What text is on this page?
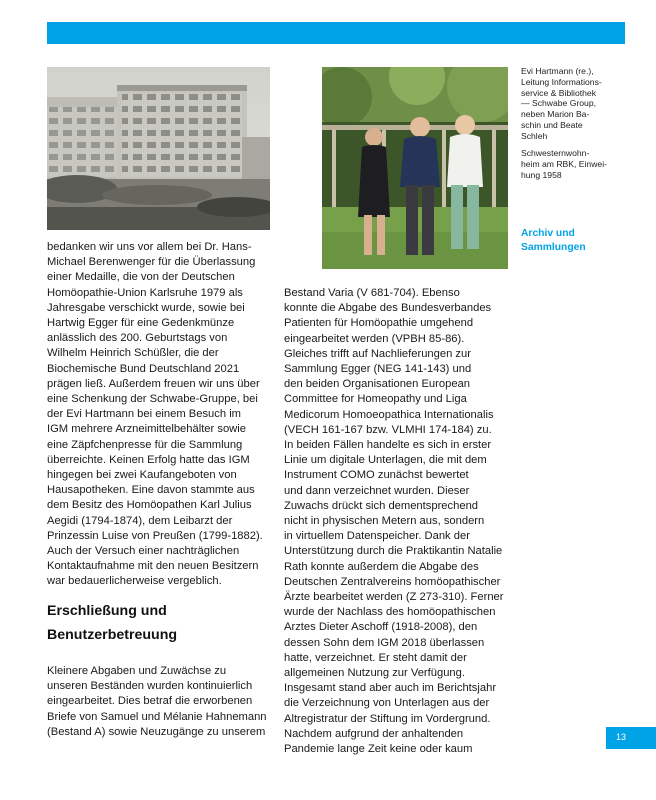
Evi Hartmann (re.),
Leitung Informations-
service & Bibliothek
— Schwabe Group,
neben Marion Ba-
schin und Beate
Schleh
Schwesternwohn-
heim am RBK, Einwei-
hung 1958
Archiv und
Sammlungen

bedanken wir uns vor allem bei Dr. Hans-

Michael Berenwenger für die Überlassung

einer Medaille, die von der Deutschen

Homöopathie-Union Karlsruhe 1979 als

Jahresgabe verschickt wurde, sowie bei

Hartwig Egger für eine Gedenkmünze

anlässlich des 200. Geburtstags von

Wilhelm Heinrich Schüßler, die der

Biochemische Bund Deutschland 2021

prägen ließ. Außerdem freuen wir uns über

eine Schenkung der Schwabe-Gruppe, bei

der Evi Hartmann bei einem Besuch im

IGM mehrere Arzneimittelbehälter sowie

eine Zäpfchenpresse für die Sammlung

überreichte. Keinen Erfolg hatte das IGM

hingegen bei zwei Kaufangeboten von

Hausapotheken. Eine davon stammte aus

dem Besitz des Homöopathen Karl Julius

Aegidi (1794-1874), dem Leibarzt der

Prinzessin Luise von Preußen (1799-1882).

Auch der Versuch einer nachträglichen

Kontaktaufnahme mit den neuen Besitzern

war bedauerlicherweise vergeblich.

Erschließung und
Benutzerbetreuung

Kleinere Abgaben und Zuwächse zu

unseren Beständen wurden kontinuierlich

eingearbeitet. Dies betraf die erworbenen

Briefe von Samuel und Mélanie Hahnemann

(Bestand A) sowie Neuzugänge zu unserem

Bestand Varia (V 681-704). Ebenso

konnte die Abgabe des Bundesverbandes

Patienten für Homöopathie umgehend

eingearbeitet werden (VPBH 85-86).

Gleiches trifft auf Nachlieferungen zur

Sammlung Egger (NEG 141-143) und

den beiden Organisationen European

Committee for Homeopathy und Liga

Medicorum Homoeopathica Internationalis

(VECH 161-167 bzw. VLMHI 174-184) zu.

In beiden Fällen handelte es sich in erster

Linie um digitale Unterlagen, die mit dem

Instrument COMO zunächst bewertet

und dann verzeichnet wurden. Dieser

Zuwachs drückt sich dementsprechend

nicht in physischen Metern aus, sondern

in virtuellem Datenspeicher. Dank der

Unterstützung durch die Praktikantin Natalie

Rath konnte außerdem die Abgabe des

Deutschen Zentralvereins homöopathischer

Ärzte bearbeitet werden (Z 273-310). Ferner

wurde der Nachlass des homöopathischen

Arztes Dieter Aschoff (1918-2008), den

dessen Sohn dem IGM 2018 überlassen

hatte, verzeichnet. Er steht damit der

allgemeinen Nutzung zur Verfügung.

Insgesamt stand aber auch im Berichtsjahr

die Verzeichnung von Unterlagen aus der

Altregistratur der Stiftung im Vordergrund.

Nachdem aufgrund der anhaltenden

Pandemie lange Zeit keine oder kaum

13
